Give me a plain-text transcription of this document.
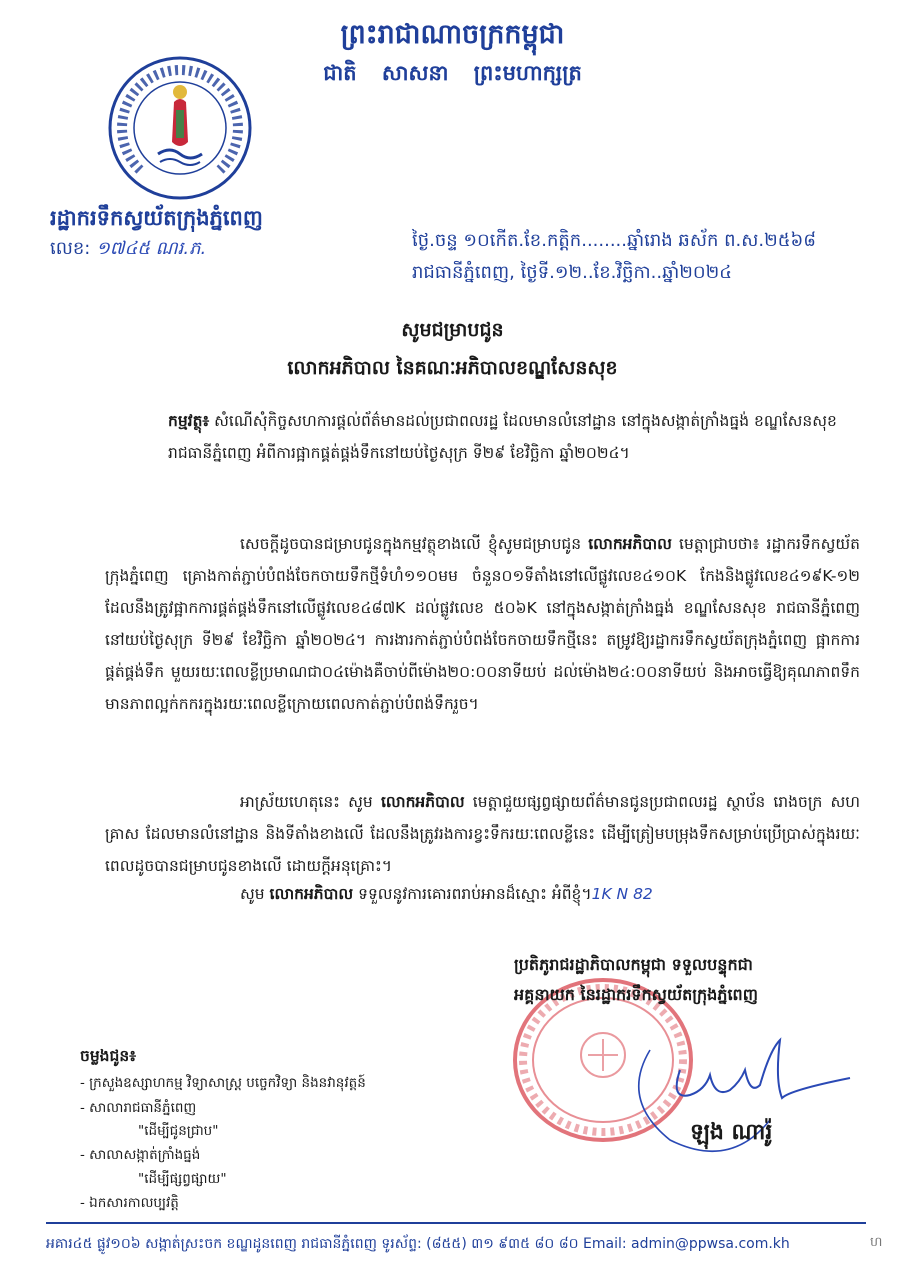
ព្រះរាជាណាចក្រកម្ពុជា
ជាតិ សាសនា ព្រះមហាក្សត្រ
រដ្ឋាករទឹកស្វយ័តក្រុងភ្នំពេញ
លេខ: ១៧៤៥ ណរ.ភ.	ថ្ងៃ.ចន្ទ ១០កើត.ខែ.កត្តិក........ឆ្នាំរោង ឆស័ក ព.ស.២៥៦៨
រាជធានីភ្នំពេញ, ថ្ងៃទី.១២..ខែ.វិច្ឆិកា..ឆ្នាំ២០២៤
សូមជម្រាបជូន
លោកអភិបាល នៃគណៈអភិបាលខណ្ឌសែនសុខ
កម្មវត្ថុ៖ សំណើសុំកិច្ចសហការផ្តល់ព័ត៌មានដល់ប្រជាពលរដ្ឋ ដែលមានលំនៅដ្ឋាន នៅក្នុងសង្កាត់ក្រាំងធ្នង់ ខណ្ឌសែនសុខ រាជធានីភ្នំពេញ អំពីការផ្អាកផ្គត់ផ្គង់ទឹកនៅយប់ថ្ងៃសុក្រ ទី២៩ ខែវិច្ឆិកា ឆ្នាំ២០២៤។
សេចក្តីដូចបានជម្រាបជូនក្នុងកម្មវត្ថុខាងលើ ខ្ញុំសូមជម្រាបជូន លោកអភិបាល មេត្តាជ្រាបថា៖ រដ្ឋាករទឹកស្វយ័តក្រុងភ្នំពេញ គ្រោងកាត់ភ្ជាប់បំពង់ចែកចាយទឹកថ្មីទំហំ១១០មម ចំនួន០១ទីតាំងនៅលើផ្លូវលេខ៤១០K កែងនិងផ្លូវលេខ៤១៩K-១២ ដែលនឹងត្រូវផ្អាកការផ្គត់ផ្គង់ទឹកនៅលើផ្លូវលេខ៤៨៧K ដល់ផ្លូវលេខ ៥០៦K នៅក្នុងសង្កាត់ក្រាំងធ្នង់ ខណ្ឌសែនសុខ រាជធានីភ្នំពេញ នៅយប់ថ្ងៃសុក្រ ទី២៩ ខែវិច្ឆិកា ឆ្នាំ២០២៤។ ការងារកាត់ភ្ជាប់បំពង់ចែកចាយទឹកថ្មីនេះ តម្រូវឱ្យរដ្ឋាករទឹកស្វយ័តក្រុងភ្នំពេញ ផ្អាកការផ្គត់ផ្គង់ទឹក មួយរយៈពេលខ្លីប្រមាណជា០៤ម៉ោងគឺចាប់ពីម៉ោង២០:០០នាទីយប់ ដល់ម៉ោង២៤:០០នាទីយប់ និងអាចធ្វើឱ្យគុណភាពទឹកមានភាពល្អក់កករក្នុងរយៈពេលខ្លីក្រោយពេលកាត់ភ្ជាប់បំពង់ទឹករួច។
អាស្រ័យហេតុនេះ សូម លោកអភិបាល មេត្តាជួយផ្សព្វផ្សាយព័ត៌មានជូនប្រជាពលរដ្ឋ ស្ថាប័ន រោងចក្រ សហគ្រាស ដែលមានលំនៅដ្ឋាន និងទីតាំងខាងលើ ដែលនឹងត្រូវរងការខ្វះទឹករយៈពេលខ្លីនេះ ដើម្បីត្រៀមបម្រុងទឹកសម្រាប់ប្រើប្រាស់ក្នុងរយៈពេលដូចបានជម្រាបជូនខាងលើ ដោយក្តីអនុគ្រោះ។
សូម លោកអភិបាល ទទួលនូវការគោរពរាប់អានដ៏ស្មោះ អំពីខ្ញុំ។1K N 82
ប្រតិភូរាជរដ្ឋាភិបាលកម្ពុជា ទទួលបន្ទុកជា
អគ្គនាយក នៃរដ្ឋាករទឹកស្វយ័តក្រុងភ្នំពេញ
ឡុង ណារ៉ូ
ចម្លងជូន៖
- ក្រសួងឧស្សាហកម្ម វិទ្យាសាស្ត្រ បច្ចេកវិទ្យា និងនវានុវត្តន៍
- សាលារាជធានីភ្នំពេញ
"ដើម្បីជូនជ្រាប"
- សាលាសង្កាត់ក្រាំងធ្នង់
"ដើម្បីផ្សព្វផ្សាយ"
- ឯកសារកាលប្បវត្តិ
អគារ៤៥ ផ្លូវ១០៦ សង្កាត់ស្រះចក ខណ្ឌដូនពេញ រាជធានីភ្នំពេញ ទូរស័ព្ទ: (៨៥៥) ៣១ ៩៣៥ ៨០ ៨០ Email: admin@ppwsa.com.kh	ហ
